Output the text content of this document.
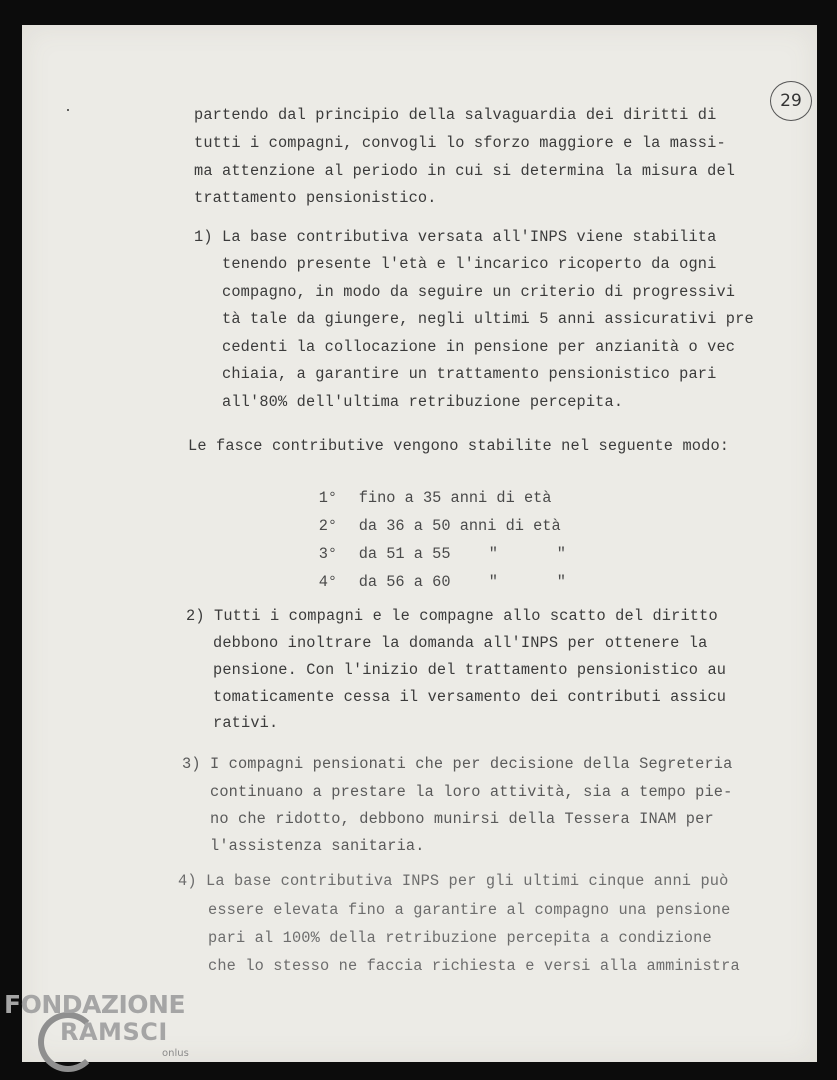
29
partendo dal principio della salvaguardia dei diritti di
tutti i compagni, convogli lo sforzo maggiore e la massi-
ma attenzione al periodo in cui si determina la misura del
trattamento pensionistico.
1) La base contributiva versata all'INPS viene stabilita
tenendo presente l'età e l'incarico ricoperto da ogni
compagno, in modo da seguire un criterio di progressivi
tà tale da giungere, negli ultimi 5 anni assicurativi pre
cedenti la collocazione in pensione per anzianità o vec
chiaia, a garantire un trattamento pensionistico pari
all'80% dell'ultima retribuzione percepita.
Le fasce contributive vengono stabilite nel seguente modo:

1° fino a 35 anni di età

2° da 36 a 50 anni di età

3° da 51 a 55 "	"

4° da 56 a 60 "	"

2) Tutti i compagni e le compagne allo scatto del diritto
debbono inoltrare la domanda all'INPS per ottenere la
pensione. Con l'inizio del trattamento pensionistico au
tomaticamente cessa il versamento dei contributi assicu
rativi.
3) I compagni pensionati che per decisione della Segreteria
continuano a prestare la loro attività, sia a tempo pie-
no che ridotto, debbono munirsi della Tessera INAM per
l'assistenza sanitaria.
4) La base contributiva INPS per gli ultimi cinque anni può
essere elevata fino a garantire al compagno una pensione
pari al 100% della retribuzione percepita a condizione
che lo stesso ne faccia richiesta e versi alla amministra
FONDAZIONE
RAMSCI
onlus
